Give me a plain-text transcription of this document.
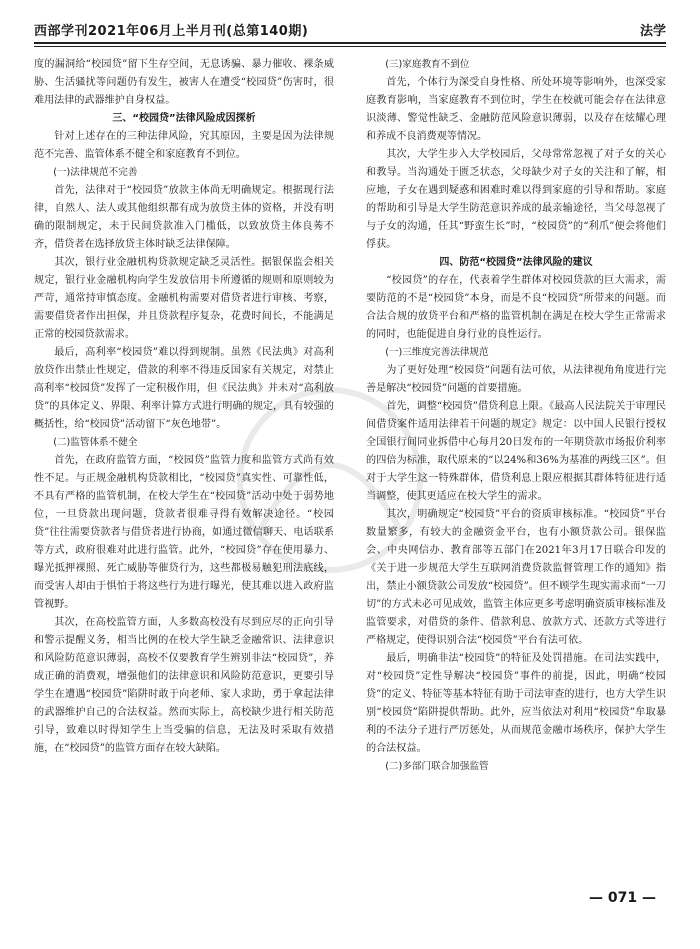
西部学刊2021年06月上半月刊(总第140期)	法学

度的漏洞给“校园贷”留下生存空间，无息诱骗、暴力催收、裸条威胁、生活骚扰等问题仍有发生，被害人在遭受“校园贷”伤害时，很难用法律的武器维护自身权益。

三、“校园贷”法律风险成因探析

针对上述存在的三种法律风险，究其原因，主要是因为法律规范不完善、监管体系不健全和家庭教育不到位。

(一)法律规范不完善

首先，法律对于“校园贷”放款主体尚无明确规定。根据现行法律，自然人、法人或其他组织都有成为放贷主体的资格，并没有明确的限制规定，未于民间贷款准入门槛低，以致放贷主体良莠不齐，借贷者在选择放贷主体时缺乏法律保障。

其次，银行业金融机构贷款规定缺乏灵活性。据银保监会相关规定，银行业金融机构向学生发放信用卡所遵循的规则和原则较为严苛，通常持审慎态度。金融机构需要对借贷者进行审核、考察，需要借贷者作出担保，并且贷款程序复杂，花费时间长，不能满足正常的校园贷款需求。

最后，高利率“校园贷”难以得到规制。虽然《民法典》对高利放贷作出禁止性规定，借款的利率不得违反国家有关规定，对禁止高利率“校园贷”发挥了一定积极作用，但《民法典》并未对“高利放贷”的具体定义、界限、利率计算方式进行明确的规定，具有较强的概括性，给“校园贷”活动留下“灰色地带”。

(二)监管体系不健全

首先，在政府监管方面，“校园贷”监管力度和监管方式尚有效性不足。与正规金融机构贷款相比，“校园贷”真实性、可靠性低，不具有严格的监管机制，在校大学生在“校园贷”活动中处于弱势地位，一旦贷款出现问题，贷款者很难寻得有效解决途径。“校园贷”往往需要贷款者与借贷者进行协商，如通过微信聊天、电话联系等方式，政府很难对此进行监管。此外，“校园贷”存在使用暴力、曝光抵押裸照、死亡威胁等催贷行为，这些都极易触犯刑法底线，而受害人却由于惧怕于将这些行为进行曝光，使其难以进入政府监管视野。

其次，在高校监管方面，人多数高校没有尽到应尽的正向引导和警示提醒义务，相当比例的在校大学生缺乏金融常识、法律意识和风险防范意识薄弱，高校不仅要教育学生辨别非法“校园贷”，养成正确的消费观，增强他们的法律意识和风险防范意识，更要引导学生在遭遇“校园贷”陷阱时敢于向老师、家人求助，勇于拿起法律的武器维护自己的合法权益。然而实际上，高校缺少进行相关防范引导，致难以时得知学生上当受骗的信息，无法及时采取有效措施，在“校园贷”的监管方面存在较大缺陷。

(三)家庭教育不到位

首先，个体行为深受自身性格、所处环境等影响外，也深受家庭教育影响，当家庭教育不到位时，学生在校就可能会存在法律意识淡薄、警觉性缺乏、金融防范风险意识薄弱，以及存在炫耀心理和养成不良消费观等情况。

其次，大学生步入大学校园后，父母常常忽视了对子女的关心和教导。当沟通处于匮乏状态，父母缺少对子女的关注和了解，相应地，子女在遇到疑惑和困难时难以得到家庭的引导和帮助。家庭的帮助和引导是大学生防范意识养成的最亲输途径，当父母忽视了与子女的沟通，任其“野蛮生长”时，“校园贷”的“利爪”便会将他们俘获。

四、防范“校园贷”法律风险的建议

“校园贷”的存在，代表着学生群体对校园贷款的巨大需求，需要防范的不是“校园贷”本身，而是不良“校园贷”所带来的问题。而合法合规的放贷平台和严格的监管机制在满足在校大学生正常需求的同时，也能促进自身行业的良性运行。

(一)三维度完善法律规范

为了更好处理“校园贷”问题有法可依，从法律视角角度进行完善是解决“校园贷”问题的首要措施。

首先，调整“校园贷”借贷利息上限。《最高人民法院关于审理民间借贷案件适用法律若干问题的规定》规定：以中国人民银行授权全国银行间同业拆借中心每月20日发布的一年期贷款市场报价利率的四倍为标准，取代原来的“以24%和36%为基准的两线三区”。但对于大学生这一特殊群体，借贷利息上限应根据其群体特征进行适当调整，使其更适应在校大学生的需求。

其次，明确规定“校园贷”平台的资质审核标准。“校园贷”平台数量繁多，有较大的金融资金平台，也有小额贷款公司。银保监会、中央网信办、教育部等五部门在2021年3月17日联合印发的《关于进一步规范大学生互联网消费贷款监督管理工作的通知》指出，禁止小额贷款公司发放“校园贷”。但不顾学生现实需求而“一刀切”的方式未必可见成效，监管主体应更多考虑明确资质审核标准及监管要求，对借贷的条件、借款利息、放款方式、还款方式等进行严格规定，使得识别合法“校园贷”平台有法可依。

最后，明确非法“校园贷”的特征及处罚措施。在司法实践中，对“校园贷”定性导解决“校园贷”事件的前提，因此，明确“校园贷”的定义、特征等基本特征有助于司法审查的进行，也方大学生识别“校园贷”陷阱提供帮助。此外，应当依法对利用“校园贷”牟取暴利的不法分子进行严厉惩处，从而规范金融市场秩序，保护大学生的合法权益。

(二)多部门联合加强监管

— 071 —
